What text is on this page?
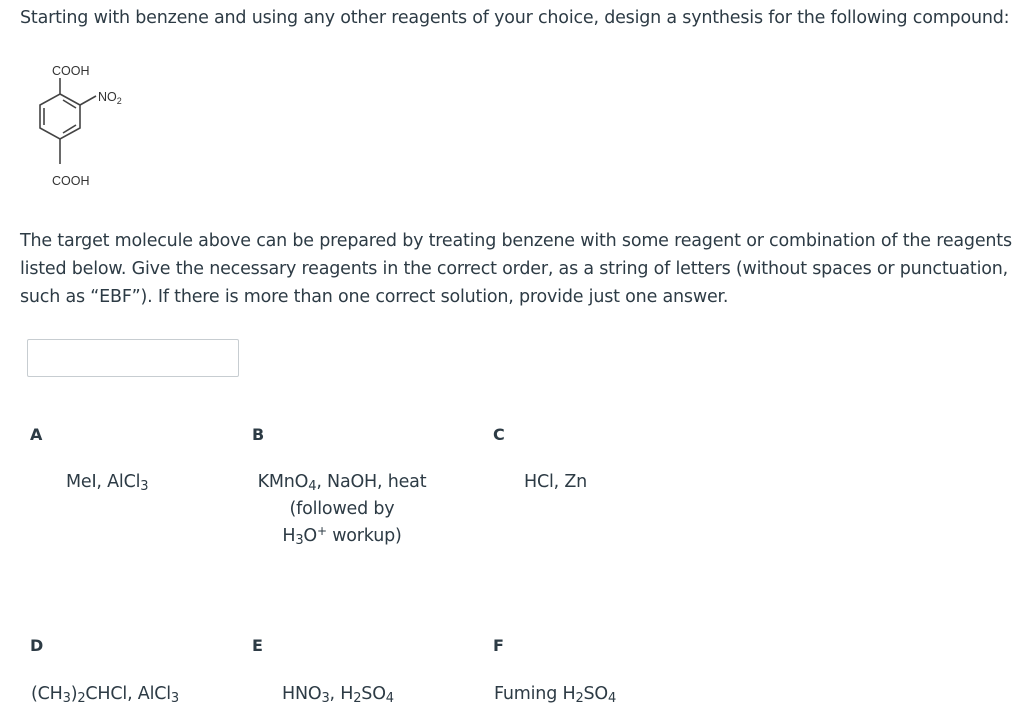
Starting with benzene and using any other reagents of your choice, design a synthesis for the following compound:
COOH
$NO_2$
COOH
The target molecule above can be prepared by treating benzene with some reagent or combination of the reagents
listed below. Give the necessary reagents in the correct order, as a string of letters (without spaces or punctuation,
such as “EBF”). If there is more than one correct solution, provide just one answer.
A	B	C
D	E	F
MeI, AlCl$_3$	KMnO$_4$, NaOH, heat
(followed by
$H_3O^+$ workup)
HCl, Zn
$(CH_3)_2CHCl$, AlCl$_3$	$HNO_3$, $H_2SO_4$	Fuming $H_2SO_4$
